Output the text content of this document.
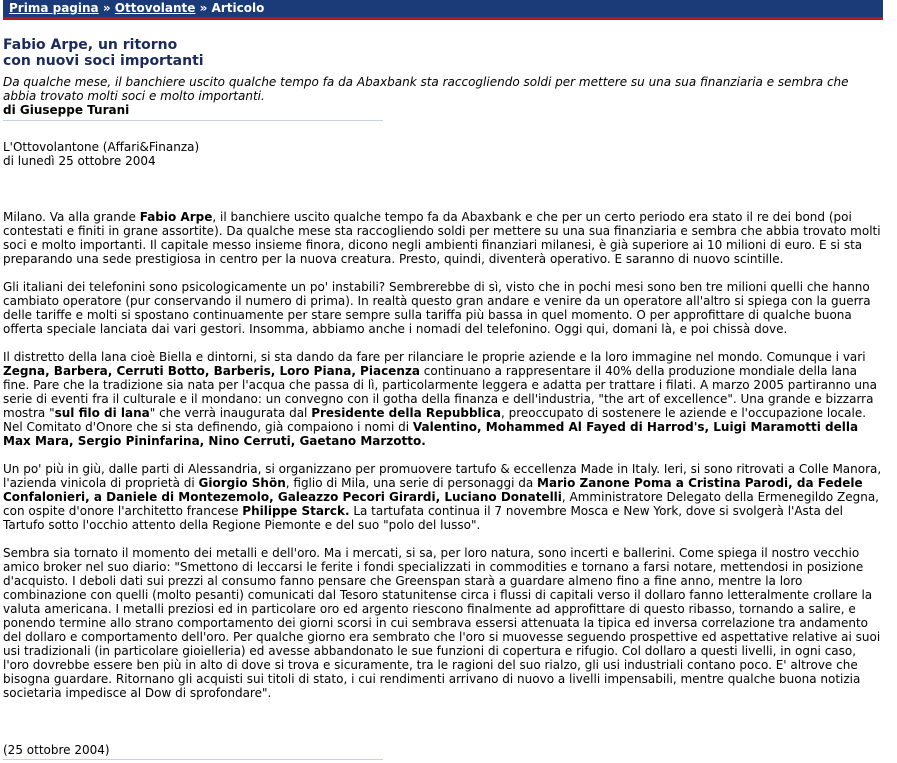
Prima pagina » Ottovolante » Articolo
Fabio Arpe, un ritorno
con nuovi soci importanti
Da qualche mese, il banchiere uscito qualche tempo fa da Abaxbank sta raccogliendo soldi per mettere su una sua finanziaria e sembra che abbia trovato molti soci e molto importanti.
di Giuseppe Turani
L'Ottovolantone (Affari&Finanza)
di lunedì 25 ottobre 2004

Milano. Va alla grande Fabio Arpe, il banchiere uscito qualche tempo fa da Abaxbank e che per un certo periodo era stato il re dei bond (poi contestati e finiti in grane assortite). Da qualche mese sta raccogliendo soldi per mettere su una sua finanziaria e sembra che abbia trovato molti soci e molto importanti. Il capitale messo insieme finora, dicono negli ambienti finanziari milanesi, è già superiore ai 10 milioni di euro. E si sta preparando una sede prestigiosa in centro per la nuova creatura. Presto, quindi, diventerà operativo. E saranno di nuovo scintille.

Gli italiani dei telefonini sono psicologicamente un po' instabili? Sembrerebbe di sì, visto che in pochi mesi sono ben tre milioni quelli che hanno cambiato operatore (pur conservando il numero di prima). In realtà questo gran andare e venire da un operatore all'altro si spiega con la guerra delle tariffe e molti si spostano continuamente per stare sempre sulla tariffa più bassa in quel momento. O per approfittare di qualche buona offerta speciale lanciata dai vari gestori. Insomma, abbiamo anche i nomadi del telefonino. Oggi qui, domani là, e poi chissà dove.

Il distretto della lana cioè Biella e dintorni, si sta dando da fare per rilanciare le proprie aziende e la loro immagine nel mondo. Comunque i vari Zegna, Barbera, Cerruti Botto, Barberis, Loro Piana, Piacenza continuano a rappresentare il 40% della produzione mondiale della lana fine. Pare che la tradizione sia nata per l'acqua che passa di lì, particolarmente leggera e adatta per trattare i filati. A marzo 2005 partiranno una serie di eventi fra il culturale e il mondano: un convegno con il gotha della finanza e dell'industria, "the art of excellence". Una grande e bizzarra mostra "sul filo di lana" che verrà inaugurata dal Presidente della Repubblica, preoccupato di sostenere le aziende e l'occupazione locale. Nel Comitato d'Onore che si sta definendo, già compaiono i nomi di Valentino, Mohammed Al Fayed di Harrod's, Luigi Maramotti della Max Mara, Sergio Pininfarina, Nino Cerruti, Gaetano Marzotto.

Un po' più in giù, dalle parti di Alessandria, si organizzano per promuovere tartufo & eccellenza Made in Italy. Ieri, si sono ritrovati a Colle Manora, l'azienda vinicola di proprietà di Giorgio Shön, figlio di Mila, una serie di personaggi da Mario Zanone Poma a Cristina Parodi, da Fedele Confalonieri, a Daniele di Montezemolo, Galeazzo Pecori Girardi, Luciano Donatelli, Amministratore Delegato della Ermenegildo Zegna, con ospite d'onore l'architetto francese Philippe Starck. La tartufata continua il 7 novembre Mosca e New York, dove si svolgerà l'Asta del Tartufo sotto l'occhio attento della Regione Piemonte e del suo "polo del lusso".

Sembra sia tornato il momento dei metalli e dell'oro. Ma i mercati, si sa, per loro natura, sono incerti e ballerini. Come spiega il nostro vecchio amico broker nel suo diario: "Smettono di leccarsi le ferite i fondi specializzati in commodities e tornano a farsi notare, mettendosi in posizione d'acquisto. I deboli dati sui prezzi al consumo fanno pensare che Greenspan starà a guardare almeno fino a fine anno, mentre la loro combinazione con quelli (molto pesanti) comunicati dal Tesoro statunitense circa i flussi di capitali verso il dollaro fanno letteralmente crollare la valuta americana. I metalli preziosi ed in particolare oro ed argento riescono finalmente ad approfittare di questo ribasso, tornando a salire, e ponendo termine allo strano comportamento dei giorni scorsi in cui sembrava essersi attenuata la tipica ed inversa correlazione tra andamento del dollaro e comportamento dell'oro. Per qualche giorno era sembrato che l'oro si muovesse seguendo prospettive ed aspettative relative ai suoi usi tradizionali (in particolare gioielleria) ed avesse abbandonato le sue funzioni di copertura e rifugio. Col dollaro a questi livelli, in ogni caso, l'oro dovrebbe essere ben più in alto di dove si trova e sicuramente, tra le ragioni del suo rialzo, gli usi industriali contano poco. E' altrove che bisogna guardare. Ritornano gli acquisti sui titoli di stato, i cui rendimenti arrivano di nuovo a livelli impensabili, mentre qualche buona notizia societaria impedisce al Dow di sprofondare".

(25 ottobre 2004)
